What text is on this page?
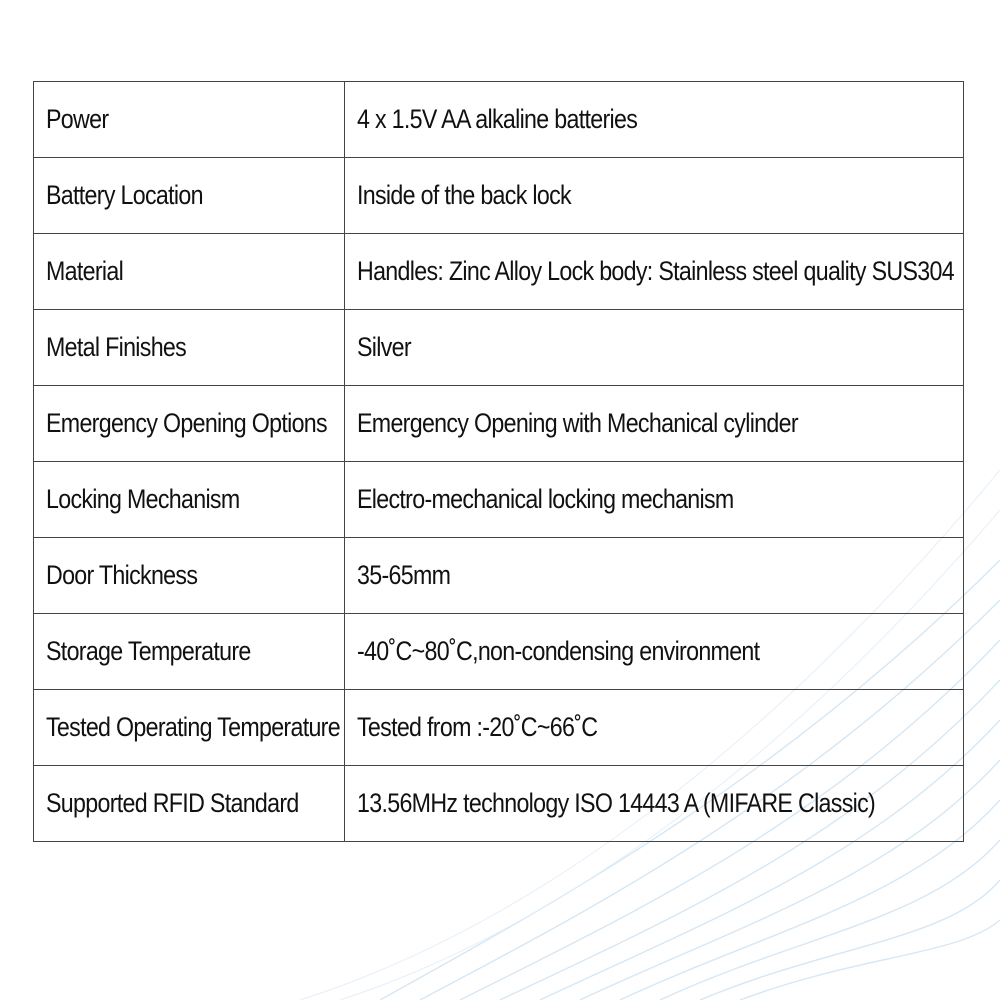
Power	4 x 1.5V AA alkaline batteries
Battery Location	Inside of the back lock
Material	Handles: Zinc Alloy Lock body: Stainless steel quality SUS304
Metal Finishes	Silver
Emergency Opening Options	Emergency Opening with Mechanical cylinder
Locking Mechanism	Electro-mechanical locking mechanism
Door Thickness	35-65mm
Storage Temperature	-40˚C~80˚C,non-condensing environment
Tested Operating Temperature	Tested from :-20˚C~66˚C
Supported RFID Standard	13.56MHz technology ISO 14443 A (MIFARE Classic)
